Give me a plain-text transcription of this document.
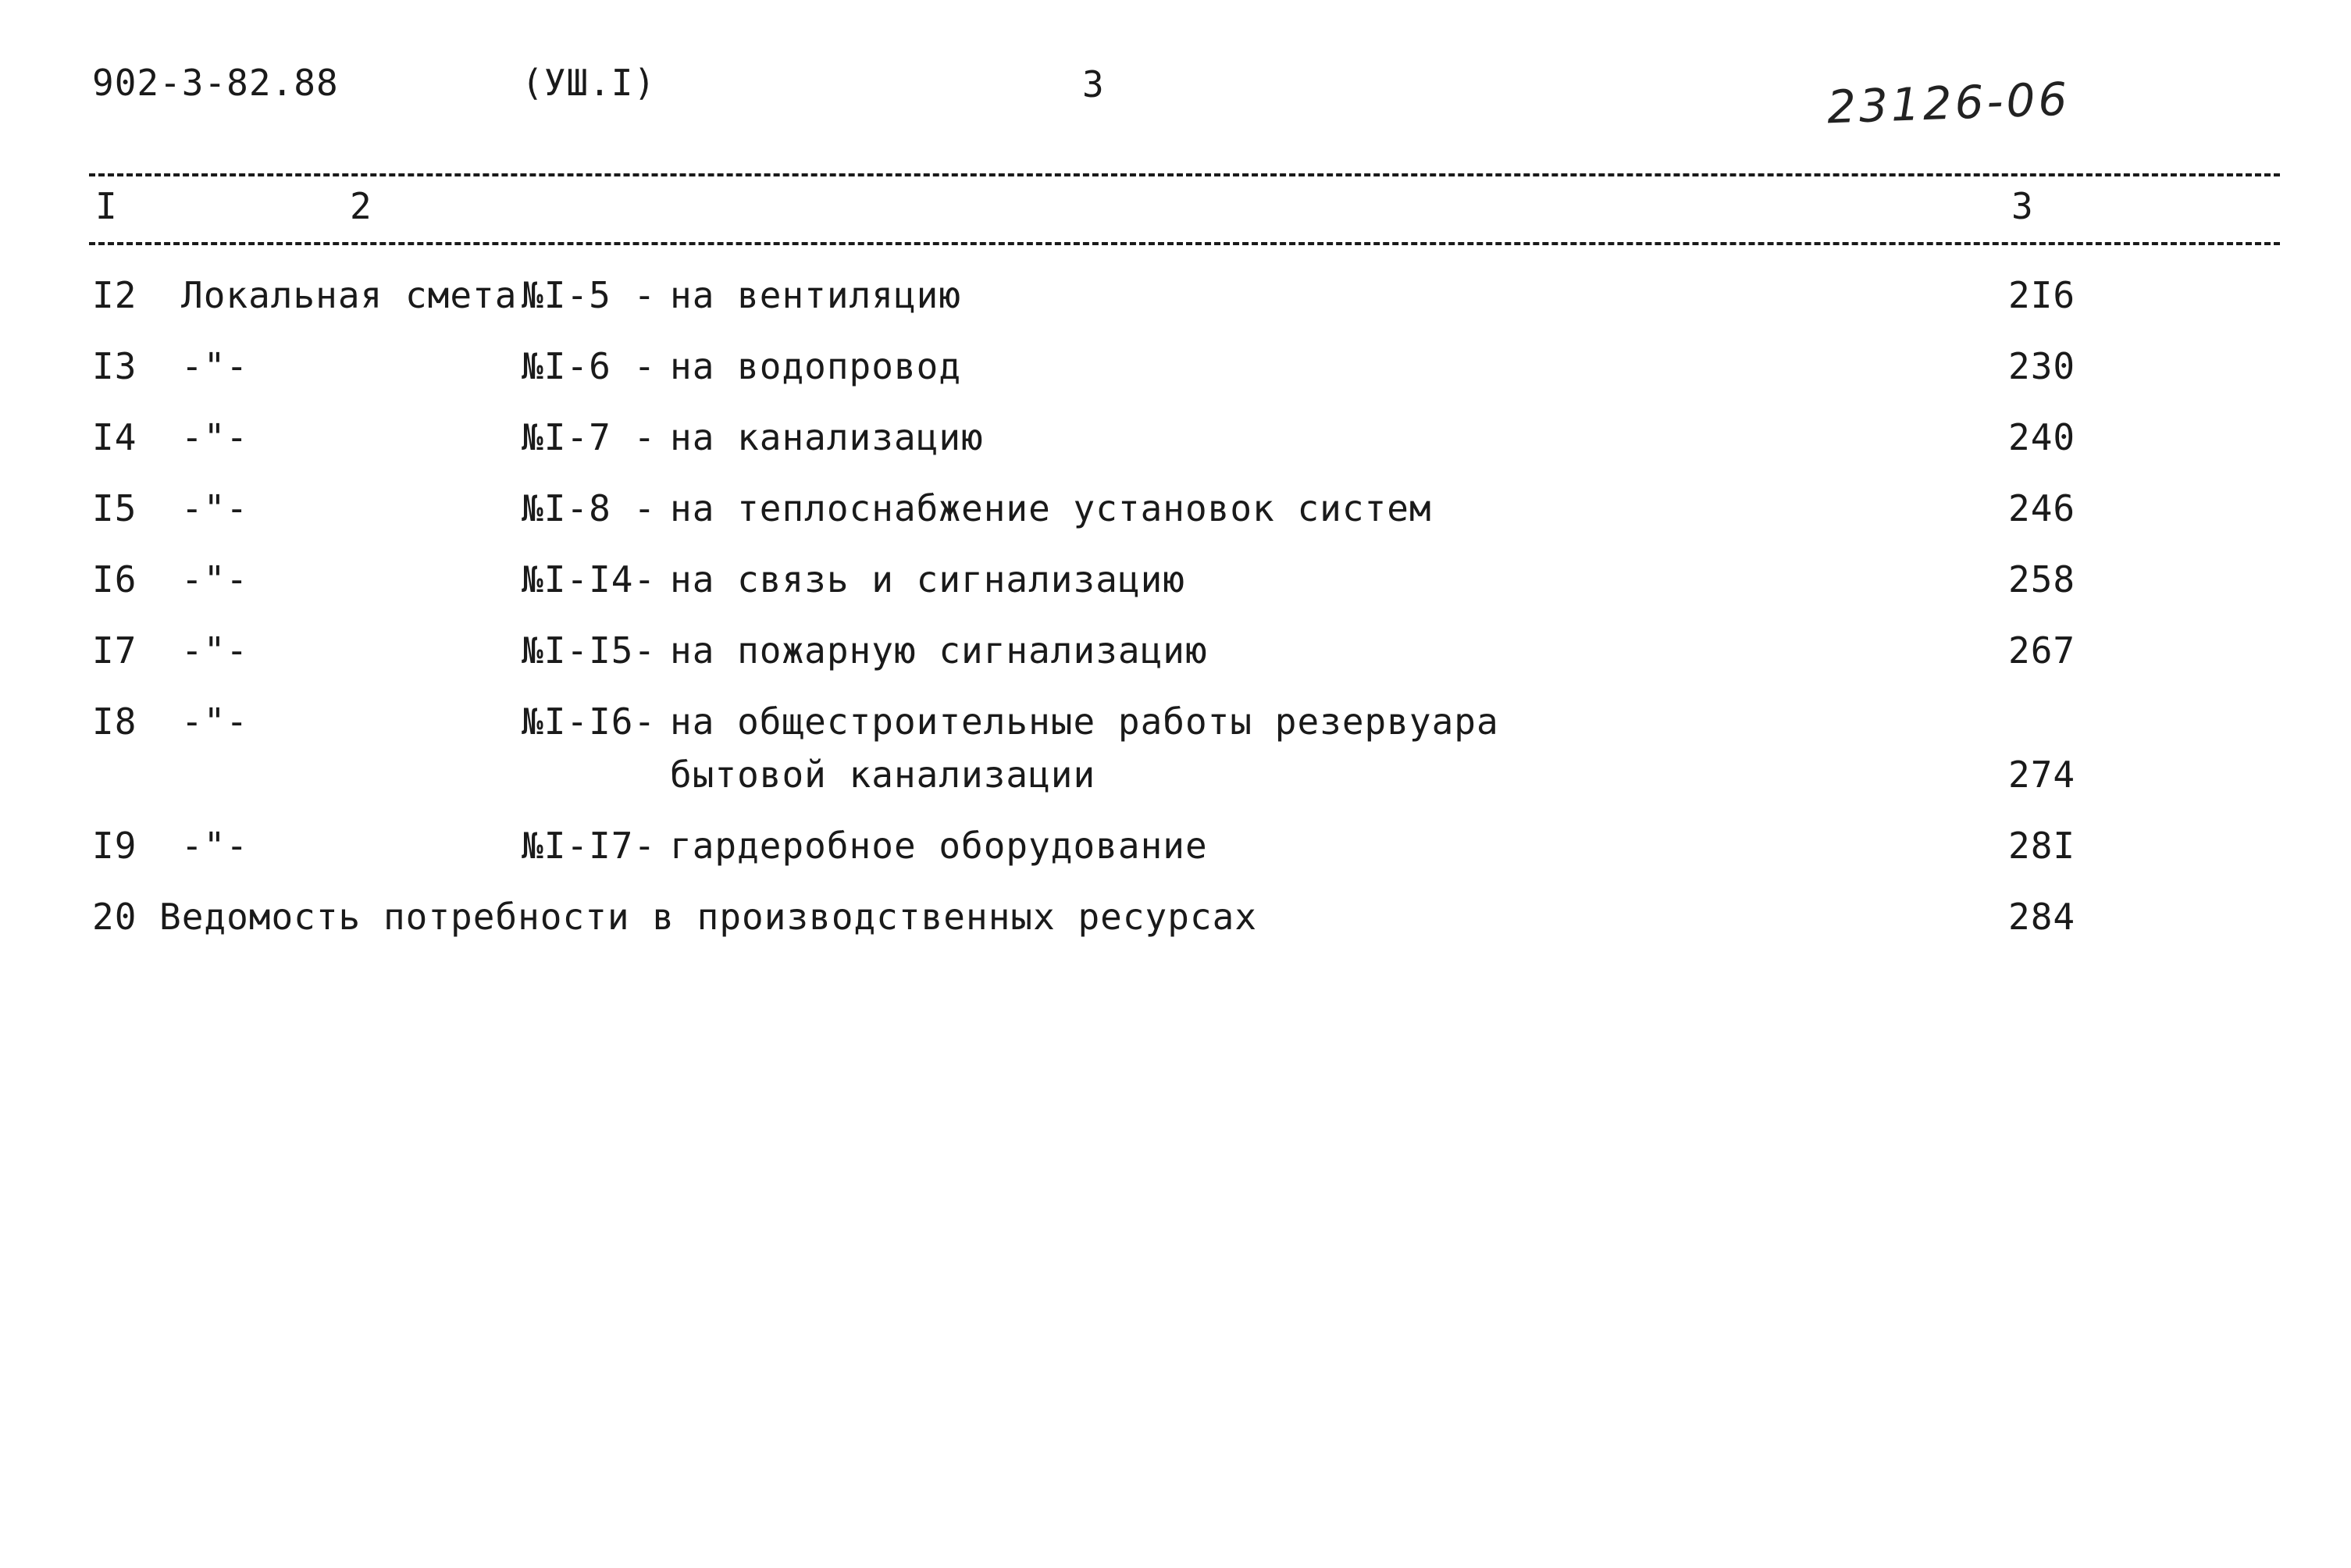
902-3-82.88	(УШ.I)	3	23126-06
I	2	3
I2 Локальная смета №I-5 - на вентиляцию	2I6
I3 -"-	№I-6 - на водопровод	230
I4 -"-	№I-7 - на канализацию	240
I5 -"-	№I-8 - на теплоснабжение установок систем	246
I6 -"-	№I-I4- на связь и сигнализацию	258
I7 -"-	№I-I5- на пожарную сигнализацию	267
I8 -"-	№I-I6- на общестроительные работы резервуара
бытовой канализации	274
I9 -"-	№I-I7- гардеробное оборудование	28I
20 Ведомость потребности в производственных ресурсах	284
